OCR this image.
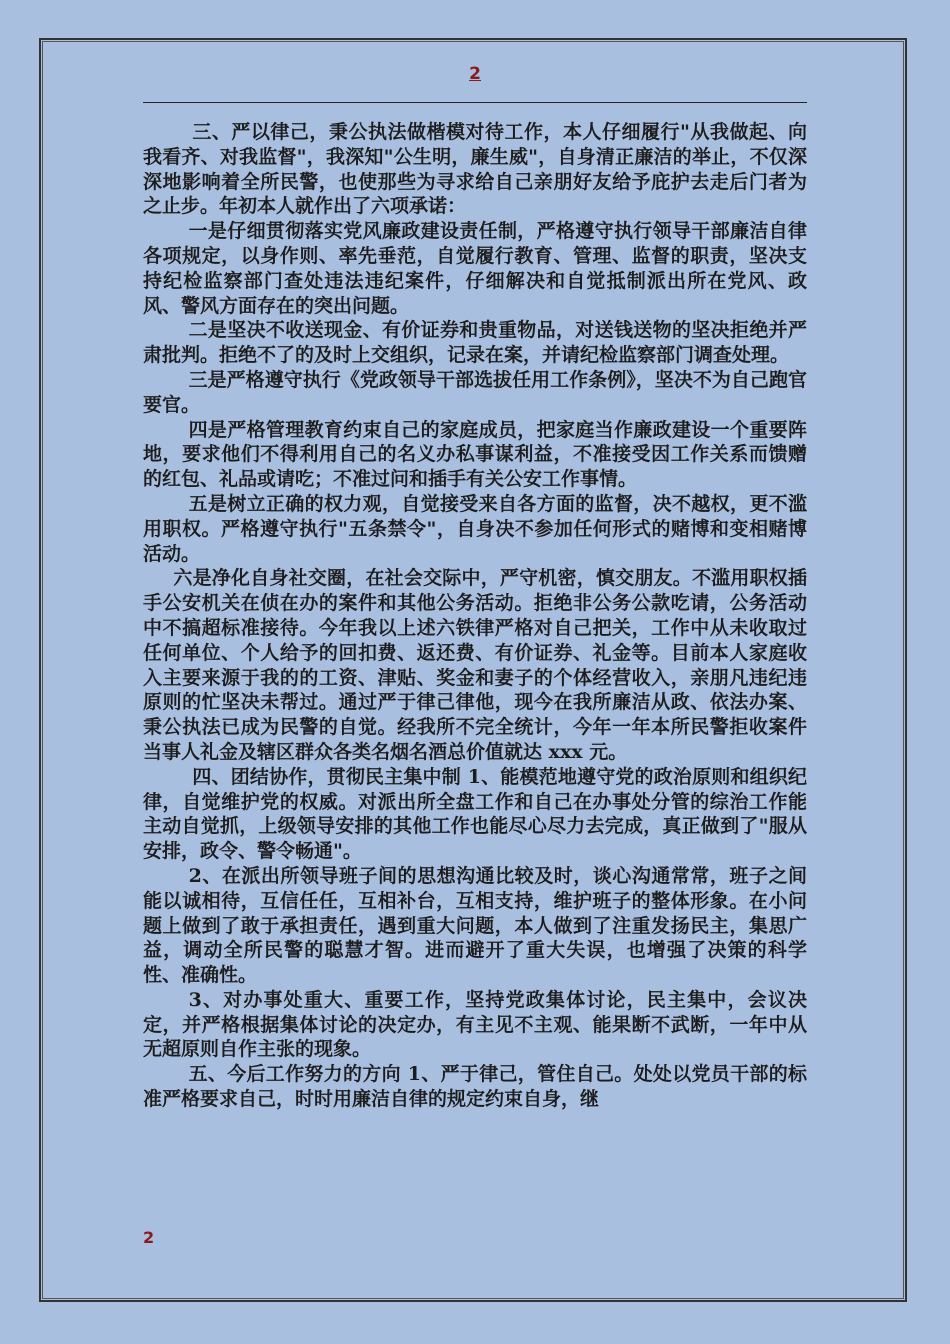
2

三、严以律己，秉公执法做楷模对待工作，本人仔细履行"从我做起、向我看齐、对我监督"，我深知"公生明，廉生威"，自身清正廉洁的举止，不仅深深地影响着全所民警，也使那些为寻求给自己亲朋好友给予庇护去走后门者为之止步。年初本人就作出了六项承诺：

一是仔细贯彻落实党风廉政建设责任制，严格遵守执行领导干部廉洁自律各项规定，以身作则、率先垂范，自觉履行教育、管理、监督的职责，坚决支持纪检监察部门查处违法违纪案件，仔细解决和自觉抵制派出所在党风、政风、警风方面存在的突出问题。

二是坚决不收送现金、有价证券和贵重物品，对送钱送物的坚决拒绝并严肃批判。拒绝不了的及时上交组织，记录在案，并请纪检监察部门调查处理。

三是严格遵守执行《党政领导干部选拔任用工作条例》，坚决不为自己跑官要官。

四是严格管理教育约束自己的家庭成员，把家庭当作廉政建设一个重要阵地，要求他们不得利用自己的名义办私事谋利益，不准接受因工作关系而馈赠的红包、礼品或请吃；不准过问和插手有关公安工作事情。

五是树立正确的权力观，自觉接受来自各方面的监督，决不越权，更不滥用职权。严格遵守执行"五条禁令"，自身决不参加任何形式的赌博和变相赌博活动。

六是净化自身社交圈，在社会交际中，严守机密，慎交朋友。不滥用职权插手公安机关在侦在办的案件和其他公务活动。拒绝非公务公款吃请，公务活动中不搞超标准接待。今年我以上述六铁律严格对自己把关，工作中从未收取过任何单位、个人给予的回扣费、返还费、有价证券、礼金等。目前本人家庭收入主要来源于我的的工资、津贴、奖金和妻子的个体经营收入，亲朋凡违纪违原则的忙坚决未帮过。通过严于律己律他，现今在我所廉洁从政、依法办案、秉公执法已成为民警的自觉。经我所不完全统计，今年一年本所民警拒收案件当事人礼金及辖区群众各类名烟名酒总价值就达 xxx 元。

四、团结协作，贯彻民主集中制 1、能模范地遵守党的政治原则和组织纪律，自觉维护党的权威。对派出所全盘工作和自己在办事处分管的综治工作能主动自觉抓，上级领导安排的其他工作也能尽心尽力去完成，真正做到了"服从安排，政令、警令畅通"。

2、在派出所领导班子间的思想沟通比较及时，谈心沟通常常，班子之间能以诚相待，互信任任，互相补台，互相支持，维护班子的整体形象。在小问题上做到了敢于承担责任，遇到重大问题，本人做到了注重发扬民主，集思广益，调动全所民警的聪慧才智。进而避开了重大失误，也增强了决策的科学性、准确性。

3、对办事处重大、重要工作，坚持党政集体讨论，民主集中，会议决定，并严格根据集体讨论的决定办，有主见不主观、能果断不武断，一年中从无超原则自作主张的现象。

五、今后工作努力的方向 1、严于律己，管住自己。处处以党员干部的标准严格要求自己，时时用廉洁自律的规定约束自身，继

2
